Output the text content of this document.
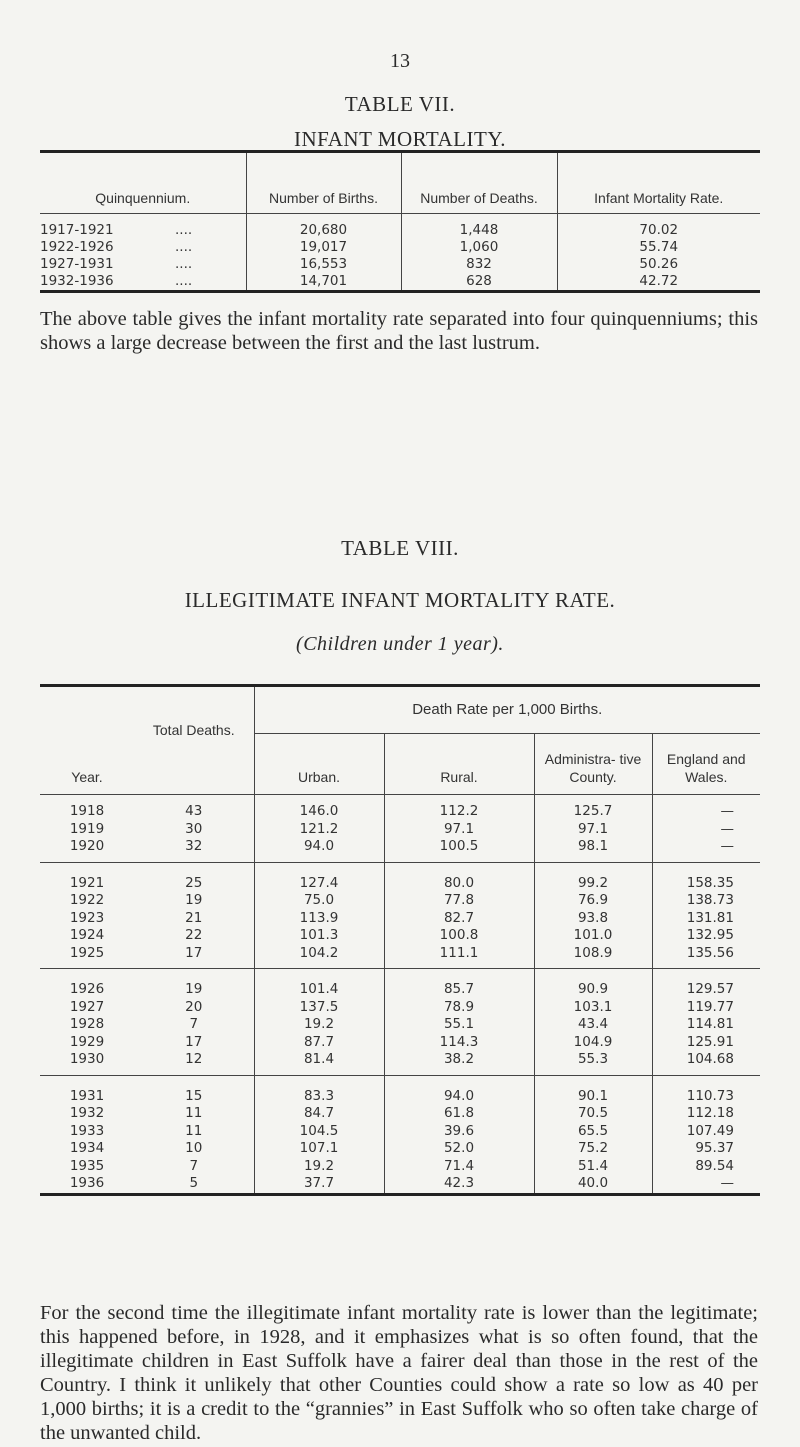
13
TABLE VII.
INFANT MORTALITY.
Quinquennium.	Number of Births.	Number of Deaths.	Infant Mortality Rate.
1917-1921 ....	20,680	1,448	70.02
1922-1926 ....	19,017	1,060	55.74
1927-1931 ....	16,553	832	50.26
1932-1936 ....	14,701	628	42.72
The above table gives the infant mortality rate separated into four quinquenniums; this shows a large decrease between the first and the last lustrum.
TABLE VIII.
ILLEGITIMATE INFANT MORTALITY RATE.
(Children under 1 year).
Year.	Total Deaths.	Death Rate per 1,000 Births.			
		Urban.	Rural.	Administra- tive County.	England and Wales.
1918	43	146.0	112.2	125.7	—
1919	30	121.2	97.1	97.1	—
1920	32	94.0	100.5	98.1	—
1921	25	127.4	80.0	99.2	158.35
1922	19	75.0	77.8	76.9	138.73
1923	21	113.9	82.7	93.8	131.81
1924	22	101.3	100.8	101.0	132.95
1925	17	104.2	111.1	108.9	135.56
1926	19	101.4	85.7	90.9	129.57
1927	20	137.5	78.9	103.1	119.77
1928	7	19.2	55.1	43.4	114.81
1929	17	87.7	114.3	104.9	125.91
1930	12	81.4	38.2	55.3	104.68
1931	15	83.3	94.0	90.1	110.73
1932	11	84.7	61.8	70.5	112.18
1933	11	104.5	39.6	65.5	107.49
1934	10	107.1	52.0	75.2	95.37
1935	7	19.2	71.4	51.4	89.54
1936	5	37.7	42.3	40.0	—
For the second time the illegitimate infant mortality rate is lower than the legitimate; this happened before, in 1928, and it emphasizes what is so often found, that the illegitimate children in East Suffolk have a fairer deal than those in the rest of the Country. I think it unlikely that other Counties could show a rate so low as 40 per 1,000 births; it is a credit to the “grannies” in East Suffolk who so often take charge of the unwanted child.
